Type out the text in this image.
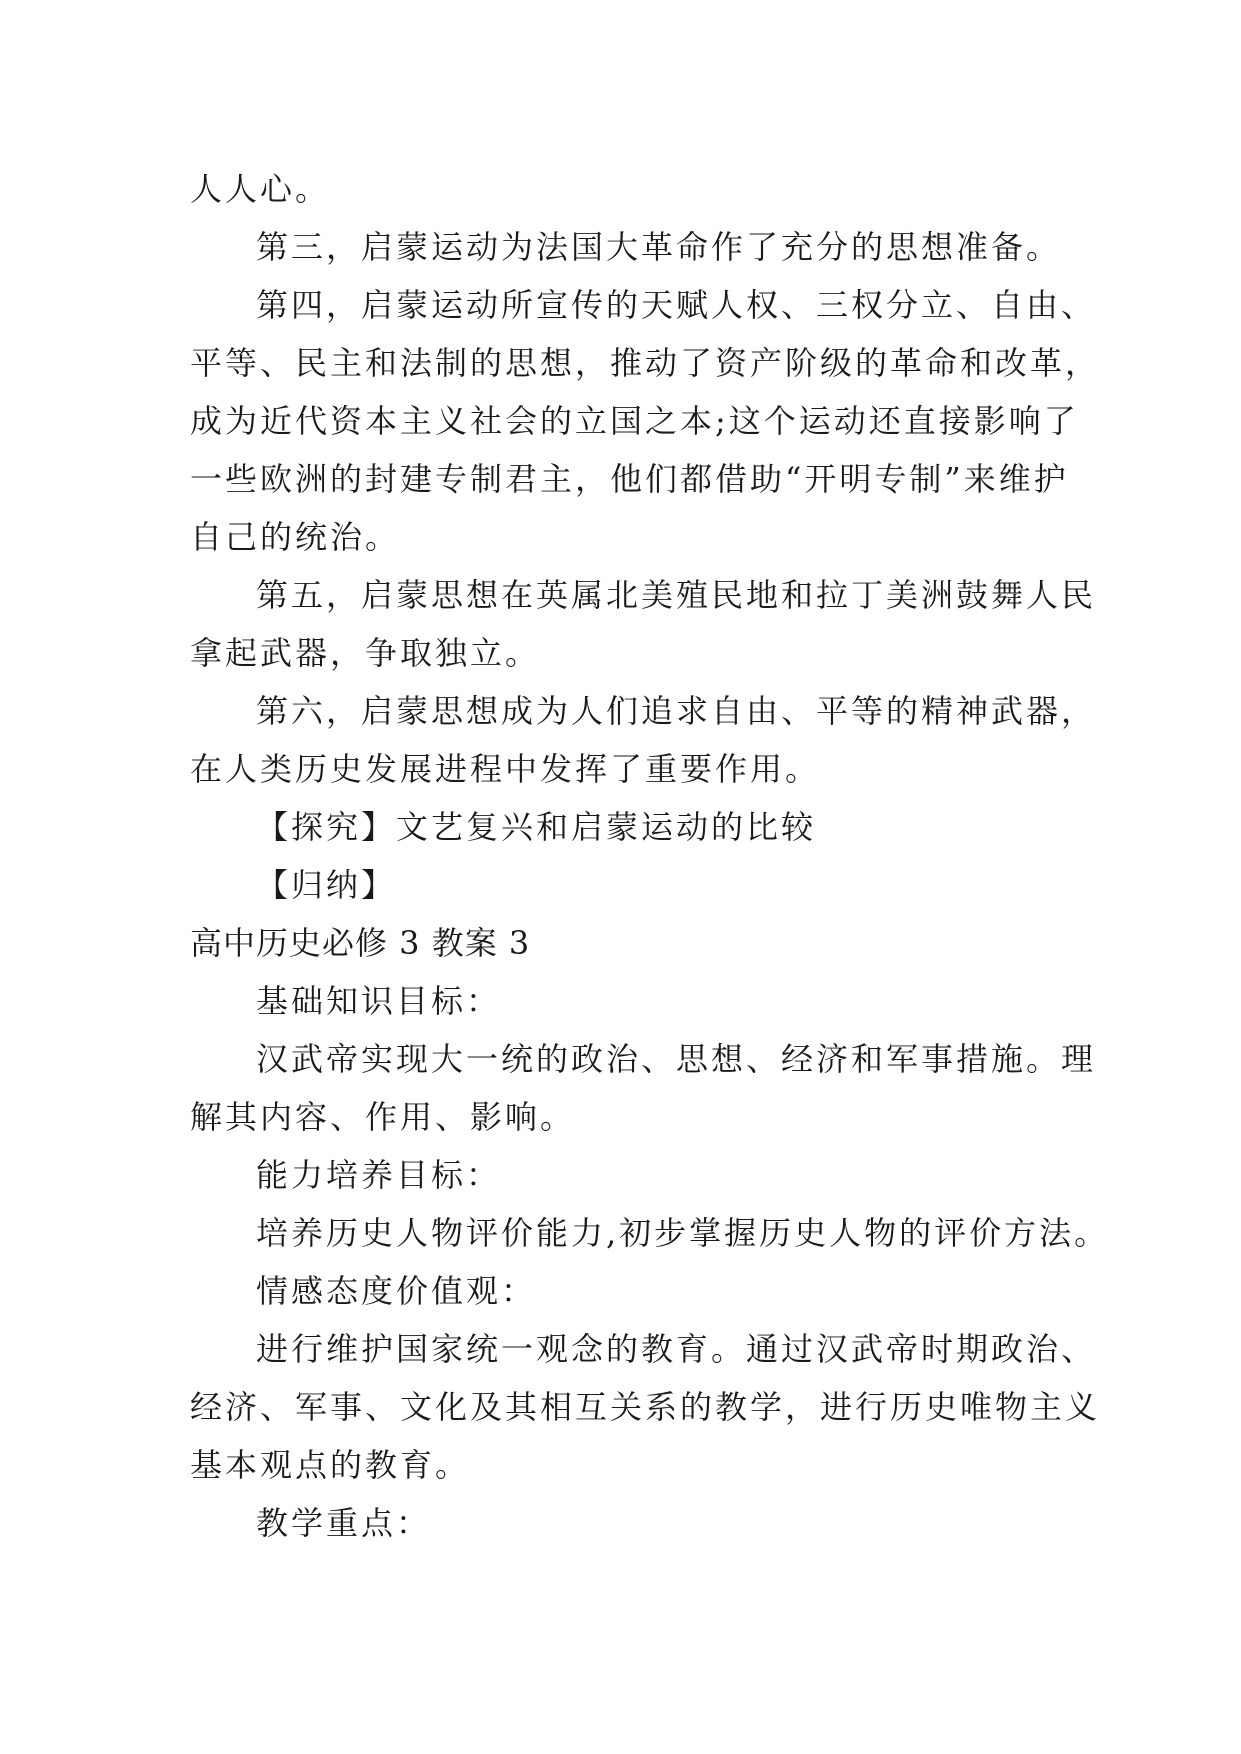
人人心。
第三，启蒙运动为法国大革命作了充分的思想准备。
第四，启蒙运动所宣传的天赋人权、三权分立、自由、
平等、民主和法制的思想，推动了资产阶级的革命和改革，
成为近代资本主义社会的立国之本;这个运动还直接影响了
一些欧洲的封建专制君主，他们都借助“开明专制”来维护
自己的统治。
第五，启蒙思想在英属北美殖民地和拉丁美洲鼓舞人民
拿起武器，争取独立。
第六，启蒙思想成为人们追求自由、平等的精神武器，
在人类历史发展进程中发挥了重要作用。
【探究】文艺复兴和启蒙运动的比较
【归纳】
高中历史必修 3 教案 3
基础知识目标：
汉武帝实现大一统的政治、思想、经济和军事措施。理
解其内容、作用、影响。
能力培养目标：
培养历史人物评价能力,初步掌握历史人物的评价方法。
情感态度价值观：
进行维护国家统一观念的教育。通过汉武帝时期政治、
经济、军事、文化及其相互关系的教学，进行历史唯物主义
基本观点的教育。
教学重点：
